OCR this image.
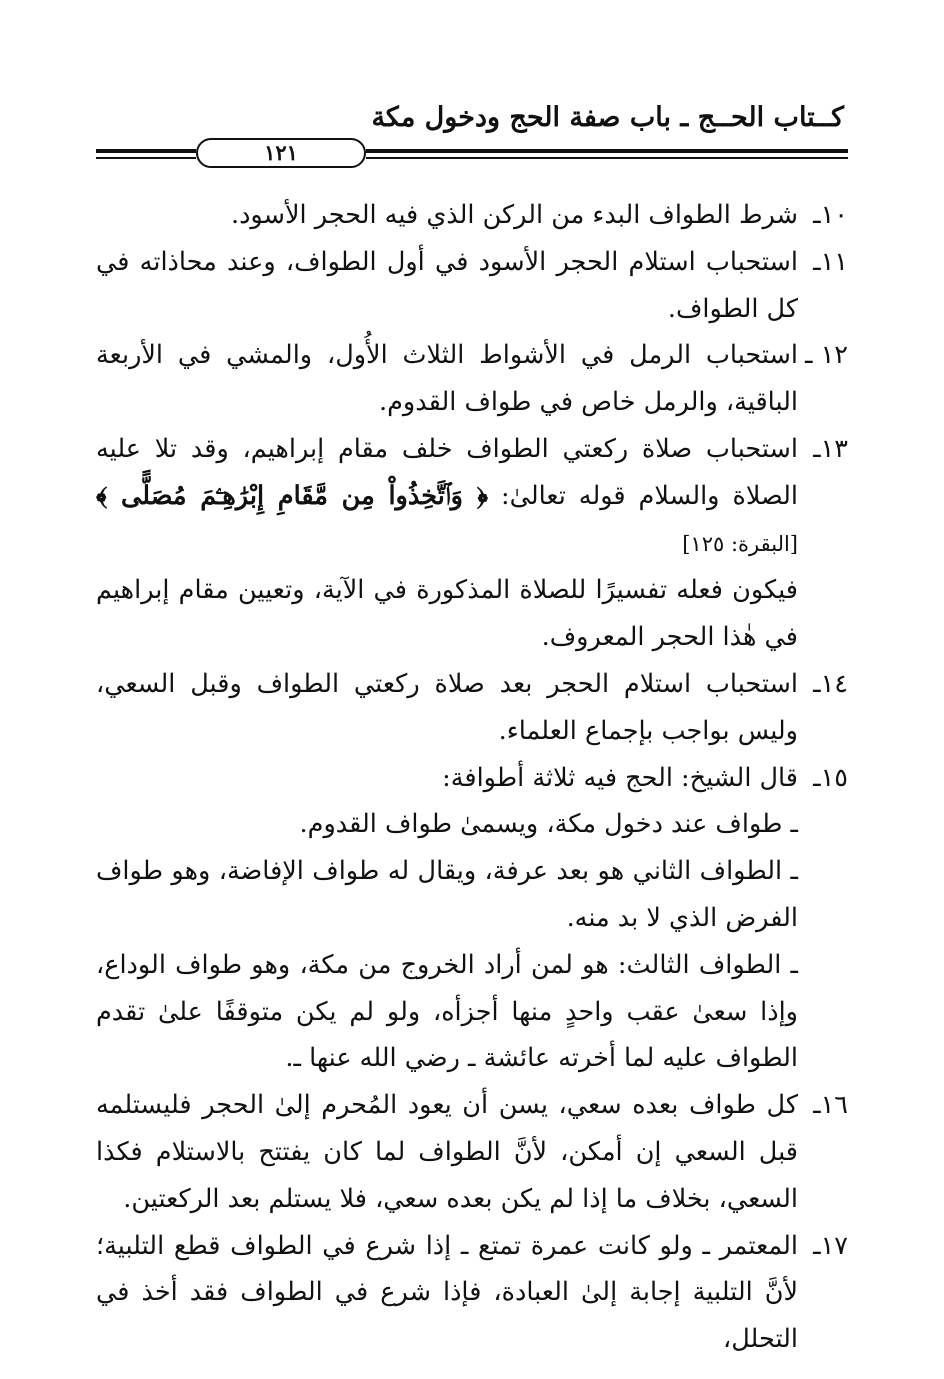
كــتاب الحــج ـ باب صفة الحج ودخول مكة
١٢١

١٠ـشرط الطواف البدء من الركن الذي فيه الحجر الأسود.

١١ـاستحباب استلام الحجر الأسود في أول الطواف، وعند محاذاته في كل الطواف.

١٢ ـاستحباب الرمل في الأشواط الثلاث الأُول، والمشي في الأربعة الباقية، والرمل خاص في طواف القدوم.

١٣ـاستحباب صلاة ركعتي الطواف خلف مقام إبراهيم، وقد تلا عليه الصلاة والسلام قوله تعالىٰ: ﴿ وَٱتَّخِذُواْ مِن مَّقَامِ إِبْرَٰهِـۧمَ مُصَلًّى ﴾ [البقرة: ١٢٥]

فيكون فعله تفسيرًا للصلاة المذكورة في الآية، وتعيين مقام إبراهيم في هٰذا الحجر المعروف.

١٤ـاستحباب استلام الحجر بعد صلاة ركعتي الطواف وقبل السعي، وليس بواجب بإجماع العلماء.

١٥ـقال الشيخ: الحج فيه ثلاثة أطوافة:

ـ طواف عند دخول مكة، ويسمىٰ طواف القدوم.

ـ الطواف الثاني هو بعد عرفة، ويقال له طواف الإفاضة، وهو طواف الفرض الذي لا بد منه.

ـ الطواف الثالث: هو لمن أراد الخروج من مكة، وهو طواف الوداع، وإذا سعىٰ عقب واحدٍ منها أجزأه، ولو لم يكن متوقفًا علىٰ تقدم الطواف عليه لما أخرته عائشة ـ رضي الله عنها ـ.

١٦ـكل طواف بعده سعي، يسن أن يعود المُحرم إلىٰ الحجر فليستلمه قبل السعي إن أمكن، لأنَّ الطواف لما كان يفتتح بالاستلام فكذا السعي، بخلاف ما إذا لم يكن بعده سعي، فلا يستلم بعد الركعتين.

١٧ـالمعتمر ـ ولو كانت عمرة تمتع ـ إذا شرع في الطواف قطع التلبية؛ لأنَّ التلبية إجابة إلىٰ العبادة، فإذا شرع في الطواف فقد أخذ في التحلل،
